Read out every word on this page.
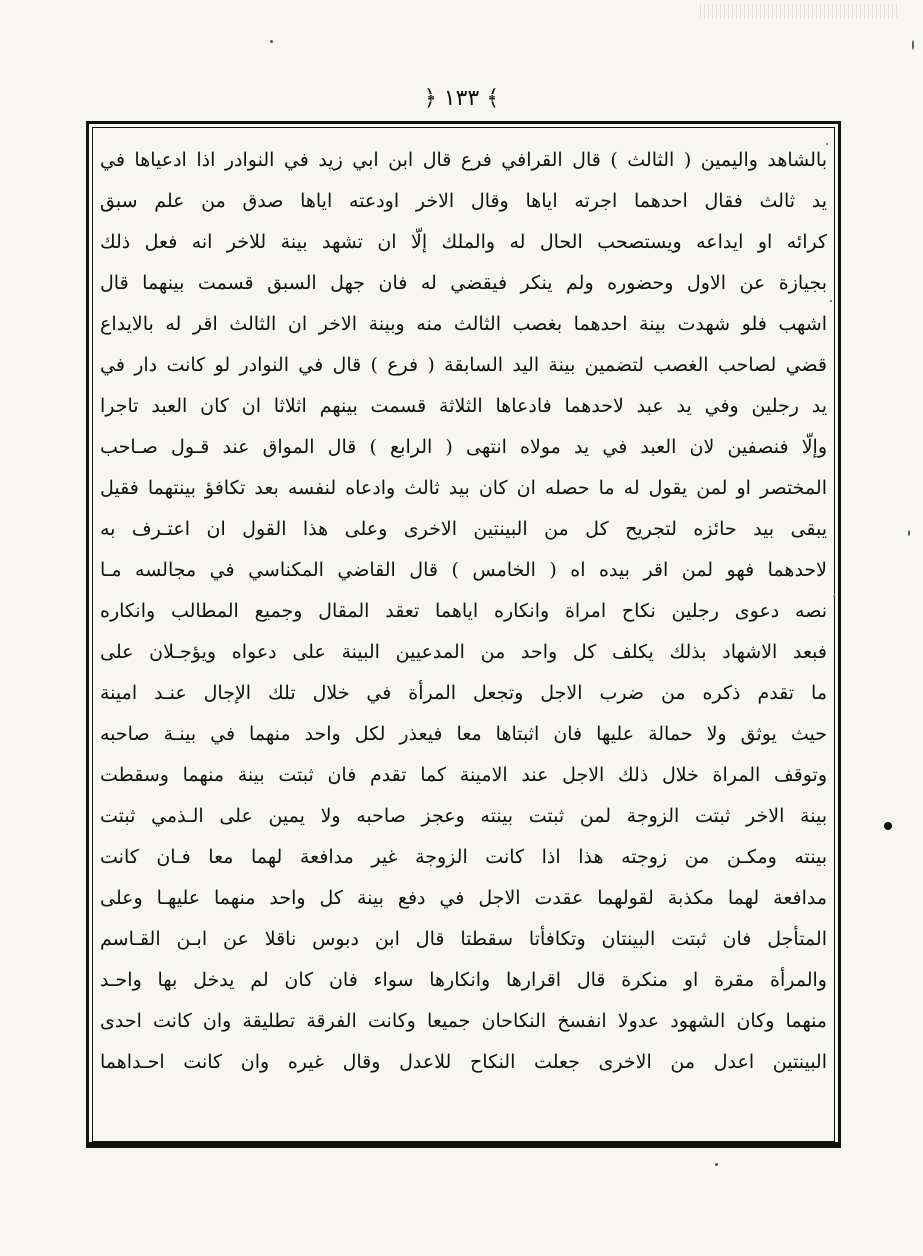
﴾ ١٣٣ ﴿
،
بالشاهد واليمين ( الثالث ) قال القرافي فرع قال ابن ابي زيد في النوادر اذا ادعياها في
يد ثالث فقال احدهما اجرته اياها وقال الاخر اودعته اياها صدق من علم سبق
كرائه او ايداعه ويستصحب الحال له والملك إلّا ان تشهد بينة للاخر انه فعل ذلك
بجيازة عن الاول وحضوره ولم ينكر فيقضي له فان جهل السبق قسمت بينهما قال
اشهب فلو شهدت بينة احدهما بغصب الثالث منه وبينة الاخر ان الثالث اقر له بالايداع
قضي لصاحب الغصب لتضمين بينة اليد السابقة ( فرع ) قال في النوادر لو كانت دار في
يد رجلين وفي يد عبد لاحدهما فادعاها الثلاثة قسمت بينهم اثلاثا ان كان العبد تاجرا
وإلّا فنصفين لان العبد في يد مولاه انتهى ( الرابع ) قال المواق عند قـول صـاحب
المختصر او لمن يقول له ما حصله ان كان بيد ثالث وادعاه لنفسه بعد تكافؤ بينتهما فقيل
يبقى بيد حائزه لتجريح كل من البينتين الاخرى وعلى هذا القول ان اعتـرف به
لاحدهما فهو لمن اقر بيده اه ( الخامس ) قال القاضي المكناسي في مجالسه مـا
نصه دعوى رجلين نكاح امراة وانكاره اياهما تعقد المقال وجميع المطالب وانكاره
فبعد الاشهاد بذلك يكلف كل واحد من المدعيين البينة على دعواه ويؤجـلان على
ما تقدم ذكره من ضرب الاجل وتجعل المرأة في خلال تلك الإجال عنـد امينة
حيث يوثق ولا حمالة عليها فان اثبتاها معا فيعذر لكل واحد منهما في بينـة صاحبه
وتوقف المراة خلال ذلك الاجل عند الامينة كما تقدم فان ثبتت بينة منهما وسقطت
بينة الاخر ثبتت الزوجة لمن ثبتت بينته وعجز صاحبه ولا يمين على الـذمي ثبتت
بينته ومكـن من زوجته هذا اذا كانت الزوجة غير مدافعة لهما معا فـان كانت
مدافعة لهما مكذبة لقولهما عقدت الاجل في دفع بينة كل واحد منهما عليهـا وعلى
المتأجل فان ثبتت البينتان وتكافأتا سقطتا قال ابن دبوس ناقلا عن ابـن القـاسم
والمرأة مقرة او منكرة قال اقرارها وانكارها سواء فان كان لم يدخل بها واحـد
منهما وكان الشهود عدولا انفسخ النكاحان جميعا وكانت الفرقة تطليقة وان كانت احدى
البينتين اعدل من الاخرى جعلت النكاح للاعدل وقال غيره وان كانت احـداهما
